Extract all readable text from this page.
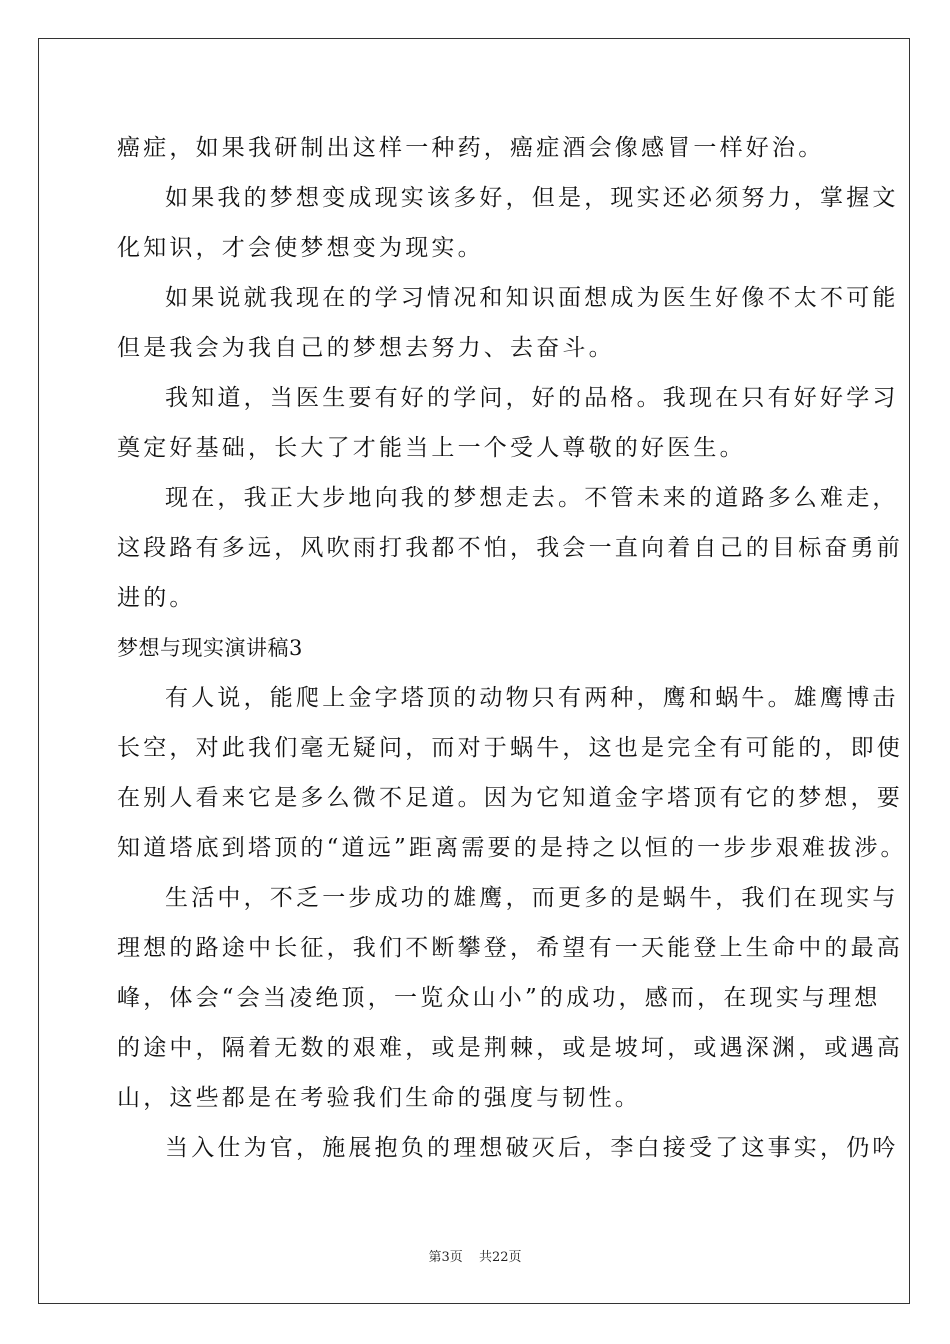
癌症，如果我研制出这样一种药，癌症酒会像感冒一样好治。
如果我的梦想变成现实该多好，但是，现实还必须努力，掌握文
化知识，才会使梦想变为现实。
如果说就我现在的学习情况和知识面想成为医生好像不太不可能
但是我会为我自己的梦想去努力、去奋斗。
我知道，当医生要有好的学问，好的品格。我现在只有好好学习
奠定好基础，长大了才能当上一个受人尊敬的好医生。
现在，我正大步地向我的梦想走去。不管未来的道路多么难走，
这段路有多远，风吹雨打我都不怕，我会一直向着自己的目标奋勇前
进的。
梦想与现实演讲稿3
有人说，能爬上金字塔顶的动物只有两种，鹰和蜗牛。雄鹰博击
长空，对此我们毫无疑问，而对于蜗牛，这也是完全有可能的，即使
在别人看来它是多么微不足道。因为它知道金字塔顶有它的梦想，要
知道塔底到塔顶的“道远”距离需要的是持之以恒的一步步艰难拔涉。
生活中，不乏一步成功的雄鹰，而更多的是蜗牛，我们在现实与
理想的路途中长征，我们不断攀登，希望有一天能登上生命中的最高
峰，体会“会当凌绝顶，一览众山小”的成功，感而，在现实与理想
的途中，隔着无数的艰难，或是荆棘，或是坡坷，或遇深渊，或遇高
山，这些都是在考验我们生命的强度与韧性。
当入仕为官，施展抱负的理想破灭后，李白接受了这事实，仍吟
第3页 共22页
